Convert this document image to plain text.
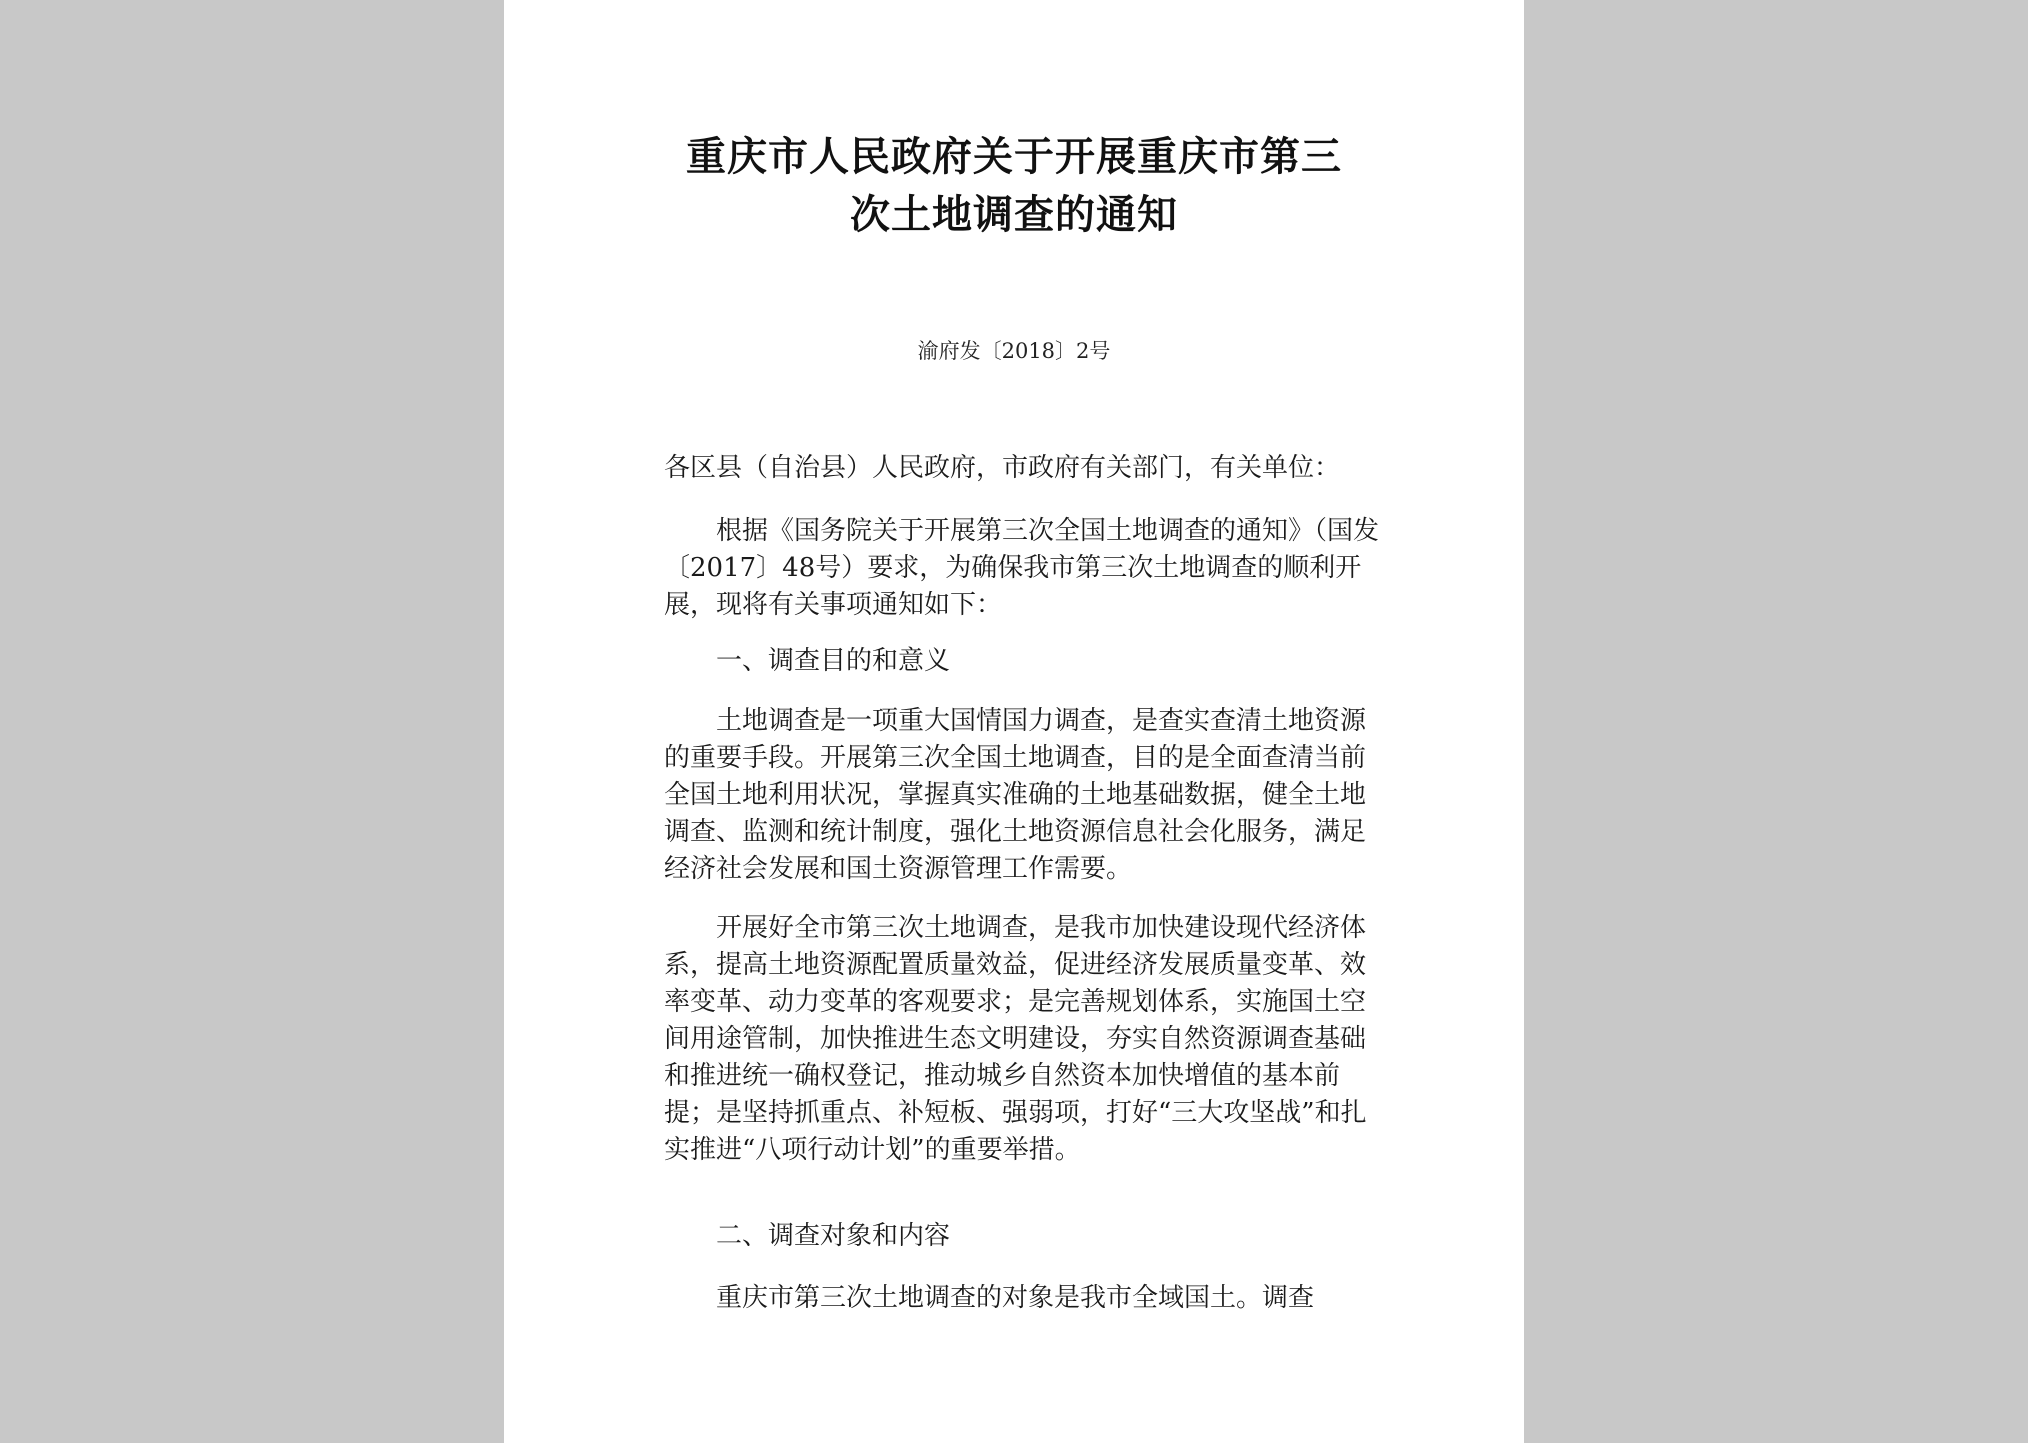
重庆市人民政府关于开展重庆市第三
次土地调查的通知
渝府发〔2018〕2号

各区县（自治县）人民政府，市政府有关部门，有关单位：

根据《国务院关于开展第三次全国土地调查的通知》（国发〔2017〕48号）要求，为确保我市第三次土地调查的顺利开展，现将有关事项通知如下：

一、调查目的和意义

土地调查是一项重大国情国力调查，是查实查清土地资源的重要手段。开展第三次全国土地调查，目的是全面查清当前全国土地利用状况，掌握真实准确的土地基础数据，健全土地调查、监测和统计制度，强化土地资源信息社会化服务，满足经济社会发展和国土资源管理工作需要。

开展好全市第三次土地调查，是我市加快建设现代经济体系，提高土地资源配置质量效益，促进经济发展质量变革、效率变革、动力变革的客观要求；是完善规划体系，实施国土空间用途管制，加快推进生态文明建设，夯实自然资源调查基础和推进统一确权登记，推动城乡自然资本加快增值的基本前提；是坚持抓重点、补短板、强弱项，打好“三大攻坚战”和扎实推进“八项行动计划”的重要举措。

二、调查对象和内容

重庆市第三次土地调查的对象是我市全域国土。调查
